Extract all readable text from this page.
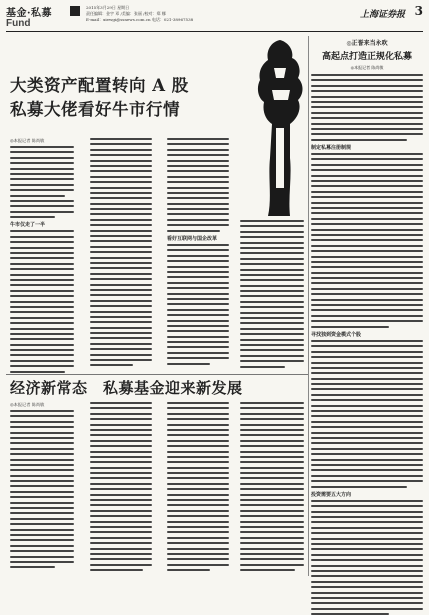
基金·私募
Fund
2015年3月29日 星期日
责任编辑：金宇 邓 /美编：张丽 /校对：郑 娜
E-mail：xiewgi@ssnews.com.cn 电话：021-38967538	上海证券报 3
大类资产配置转向 A 股
私募大佬看好牛市行情
◎本报记者 陈尚敏
牛市仅走了一半
看好互联网与国企改革
◎正誉来当永吹
高起点打造正规化私募
◎本报记者 陈尚敏
制定私募注册制规
寻找独到资金模式个股
投资需要五大方向
经济新常态　私募基金迎来新发展
◎本报记者 陈尚敏
